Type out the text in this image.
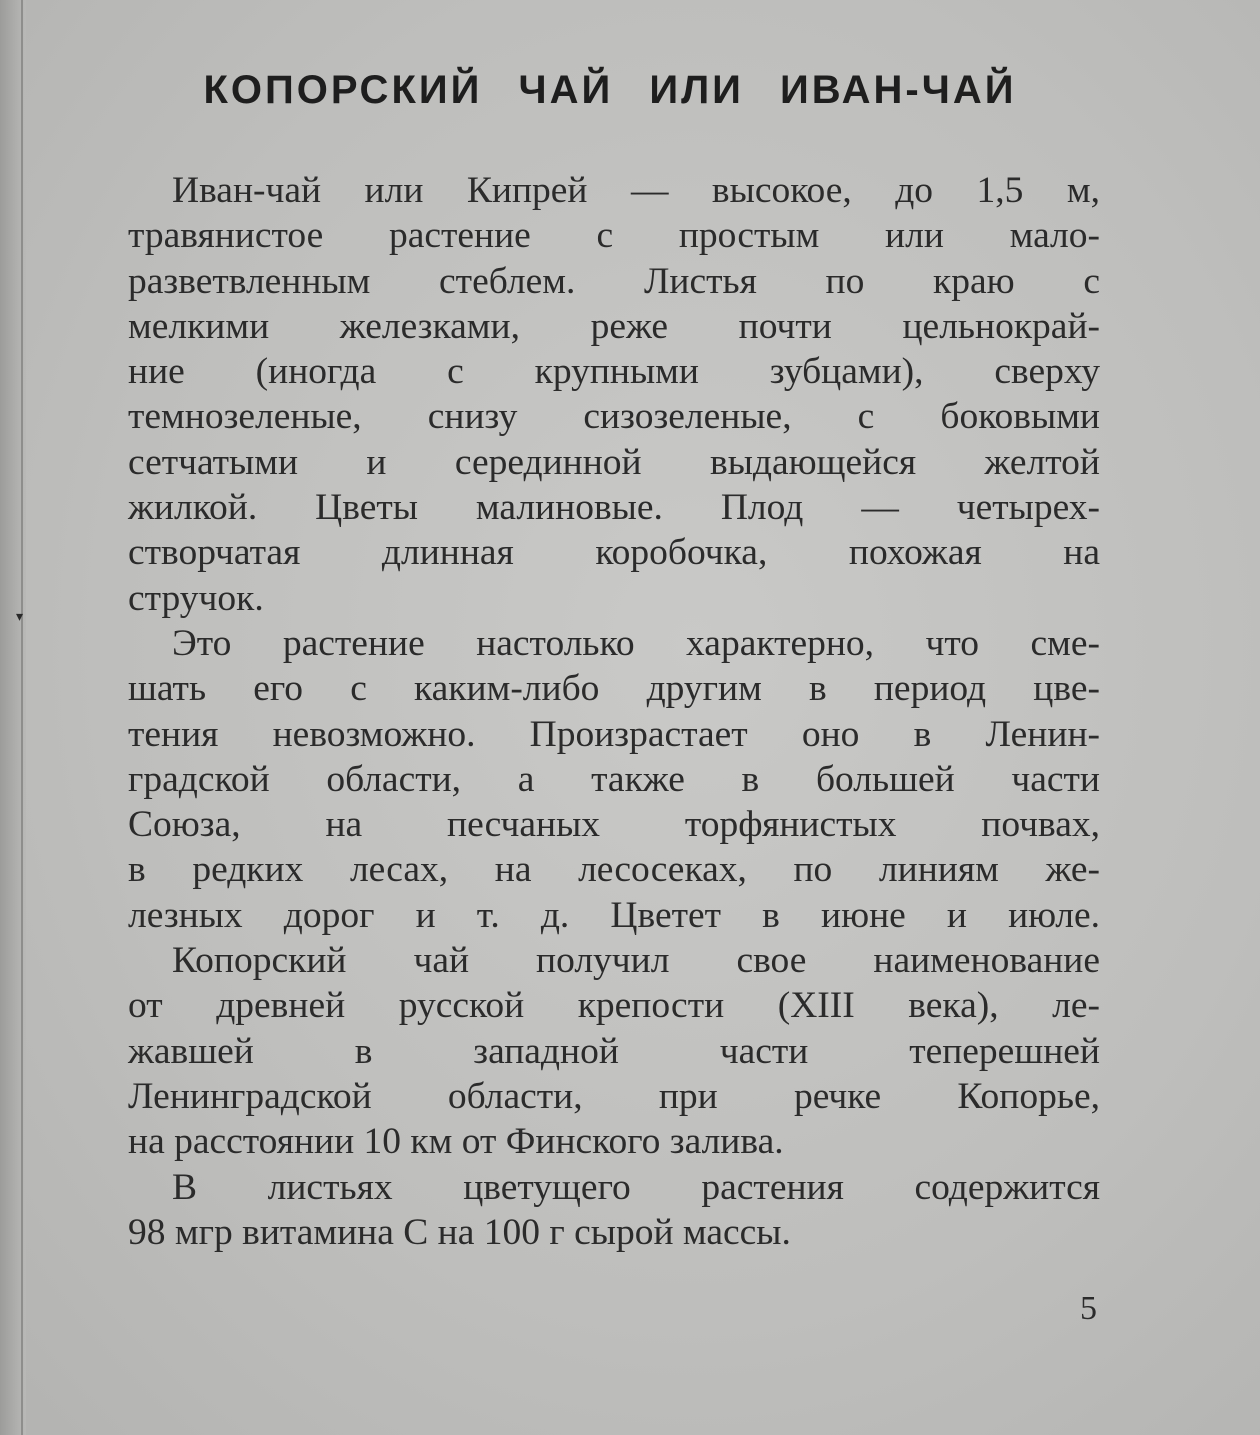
▾
КОПОРСКИЙ ЧАЙ ИЛИ ИВАН-ЧАЙ
Иван-чай или Кипрей — высокое, до 1,5 м,
травянистое растение с простым или мало-
разветвленным стеблем. Листья по краю с
мелкими железками, реже почти цельнокрай-
ние (иногда с крупными зубцами), сверху
темнозеленые, снизу сизозеленые, с боковыми
сетчатыми и серединной выдающейся желтой
жилкой. Цветы малиновые. Плод — четырех-
створчатая длинная коробочка, похожая на
стручок.
Это растение настолько характерно, что сме-
шать его с каким-либо другим в период цве-
тения невозможно. Произрастает оно в Ленин-
градской области, а также в большей части
Союза, на песчаных торфянистых почвах,
в редких лесах, на лесосеках, по линиям же-
лезных дорог и т. д. Цветет в июне и июле.
Копорский чай получил свое наименование
от древней русской крепости (XIII века), ле-
жавшей в западной части теперешней
Ленинградской области, при речке Копорье,
на расстоянии 10 км от Финского залива.
В листьях цветущего растения содержится
98 мгр витамина С на 100 г сырой массы.
5
